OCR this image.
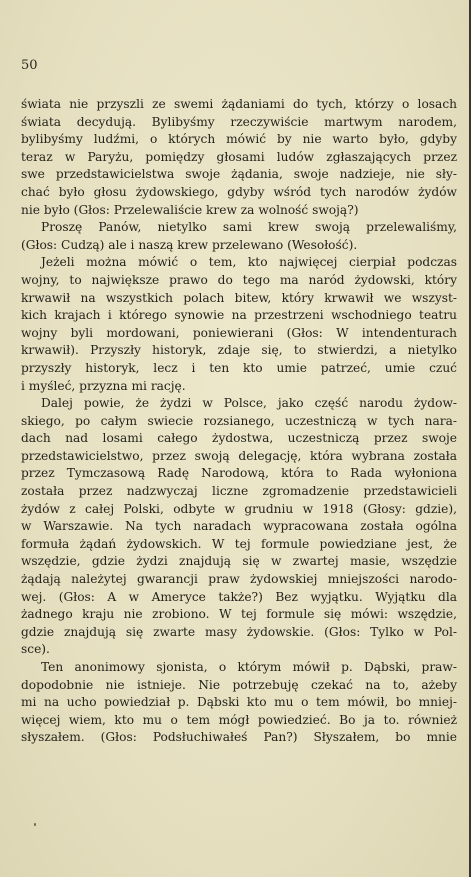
50
świata nie przyszli ze swemi żądaniami do tych, którzy o losach
świata decydują. Bylibyśmy rzeczywiście martwym narodem,
bylibyśmy ludźmi, o których mówić by nie warto było, gdyby
teraz w Paryżu, pomiędzy głosami ludów zgłaszających przez
swe przedstawicielstwa swoje żądania, swoje nadzieje, nie sły-
chać było głosu żydowskiego, gdyby wśród tych narodów żydów
nie było (Głos: Przelewaliście krew za wolność swoją?)
Proszę Panów, nietylko sami krew swoją przelewaliśmy,
(Głos: Cudzą) ale i naszą krew przelewano (Wesołość).
Jeżeli można mówić o tem, kto najwięcej cierpiał podczas
wojny, to największe prawo do tego ma naród żydowski, który
krwawił na wszystkich polach bitew, który krwawił we wszyst-
kich krajach i którego synowie na przestrzeni wschodniego teatru
wojny byli mordowani, poniewierani (Głos: W intendenturach
krwawił). Przyszły historyk, zdaje się, to stwierdzi, a nietylko
przyszły historyk, lecz i ten kto umie patrzeć, umie czuć
i myśleć, przyzna mi rację.
Dalej powie, że żydzi w Polsce, jako część narodu żydow-
skiego, po całym swiecie rozsianego, uczestniczą w tych nara-
dach nad losami całego żydostwa, uczestniczą przez swoje
przedstawicielstwo, przez swoją delegację, która wybrana została
przez Tymczasową Radę Narodową, która to Rada wyłoniona
została przez nadzwyczaj liczne zgromadzenie przedstawicieli
żydów z całej Polski, odbyte w grudniu w 1918 (Głosy: gdzie),
w Warszawie. Na tych naradach wypracowana została ogólna
formuła żądań żydowskich. W tej formule powiedziane jest, że
wszędzie, gdzie żydzi znajdują się w zwartej masie, wszędzie
żądają należytej gwarancji praw żydowskiej mniejszości narodo-
wej. (Głos: A w Ameryce także?) Bez wyjątku. Wyjątku dla
żadnego kraju nie zrobiono. W tej formule się mówi: wszędzie,
gdzie znajdują się zwarte masy żydowskie. (Głos: Tylko w Pol-
sce).
Ten anonimowy sjonista, o którym mówił p. Dąbski, praw-
dopodobnie nie istnieje. Nie potrzebuję czekać na to, ażeby
mi na ucho powiedział p. Dąbski kto mu o tem mówił, bo mniej-
więcej wiem, kto mu o tem mógł powiedzieć. Bo ja to. również
słyszałem. (Głos: Podsłuchiwałeś Pan?) Słyszałem, bo mnie
